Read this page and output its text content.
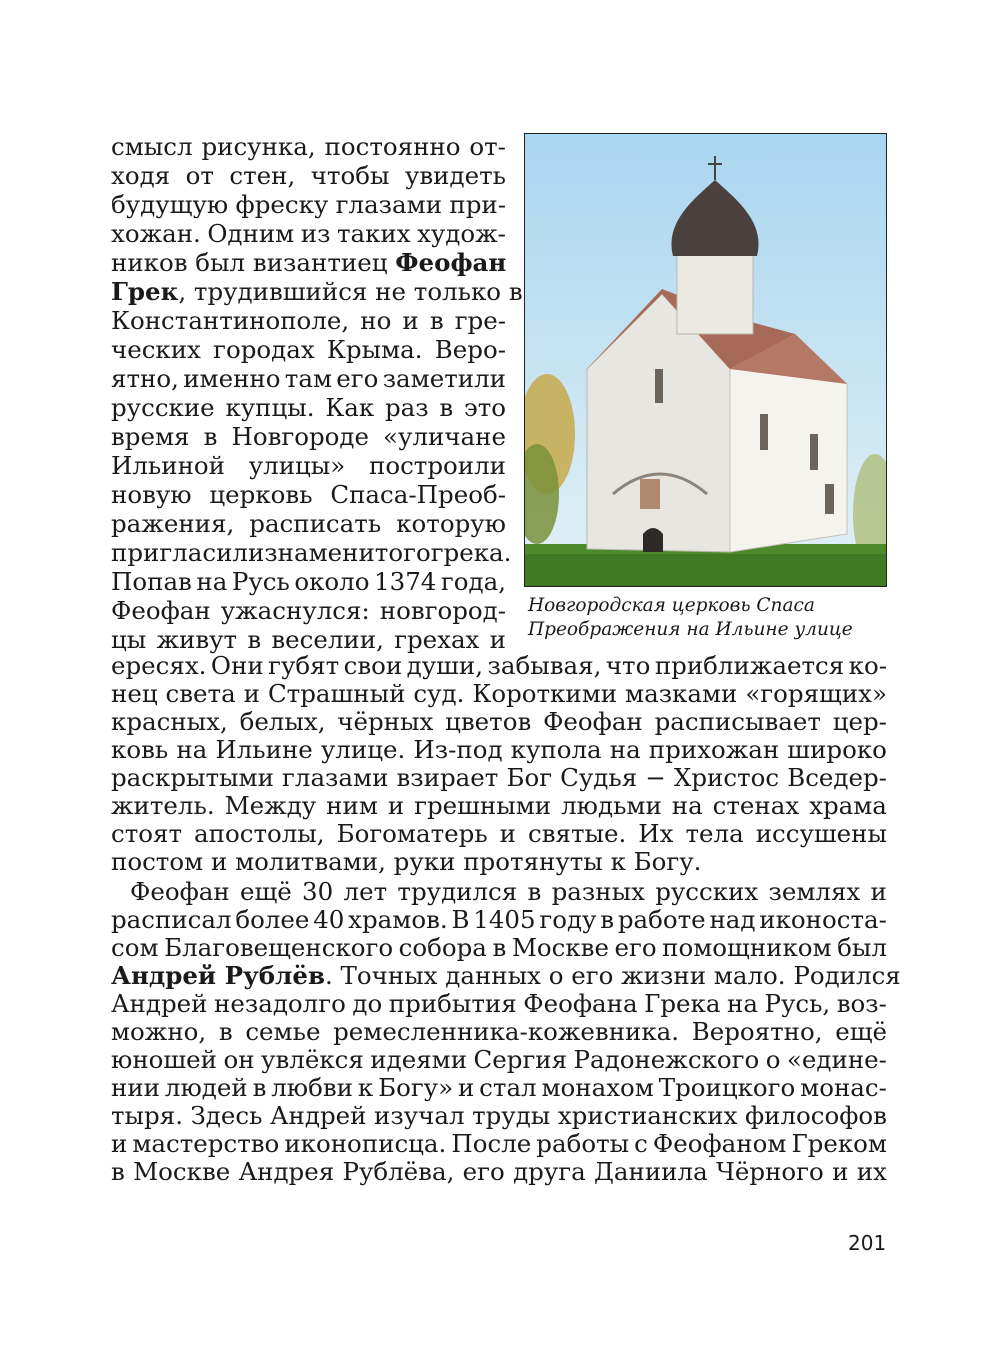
смысл рисунка, постоянно от-
ходя от стен, чтобы увидеть
будущую фреску глазами при-
хожан. Одним из таких худож-
ников был византиец Феофан
Грек, трудившийся не только в
Константинополе, но и в гре-
ческих городах Крыма. Веро-
ятно, именно там его заметили
русские купцы. Как раз в это
время в Новгороде «уличане
Ильиной улицы» построили
новую церковь Спаса-Преоб-
ражения, расписать которую
пригласили знаменитого грека.
Попав на Русь около 1374 года,
Феофан ужаснулся: новгород-
цы живут в веселии, грехах и
Новгородская церковь Спаса
Преображения на Ильине улице
ересях. Они губят свои души, забывая, что приближается ко-
нец света и Страшный суд. Короткими мазками «горящих»
красных, белых, чёрных цветов Феофан расписывает цер-
ковь на Ильине улице. Из-под купола на прихожан широко
раскрытыми глазами взирает Бог Судья − Христос Вседер-
житель. Между ним и грешными людьми на стенах храма
стоят апостолы, Богоматерь и святые. Их тела иссушены
постом и молитвами, руки протянуты к Богу.
Феофан ещё 30 лет трудился в разных русских землях и
расписал более 40 храмов. В 1405 году в работе над иконоста-
сом Благовещенского собора в Москве его помощником был
Андрей Рублёв. Точных данных о его жизни мало. Родился
Андрей незадолго до прибытия Феофана Грека на Русь, воз-
можно, в семье ремесленника-кожевника. Вероятно, ещё
юношей он увлёкся идеями Сергия Радонежского о «едине-
нии людей в любви к Богу» и стал монахом Троицкого монас-
тыря. Здесь Андрей изучал труды христианских философов
и мастерство иконописца. После работы с Феофаном Греком
в Москве Андрея Рублёва, его друга Даниила Чёрного и их
201
